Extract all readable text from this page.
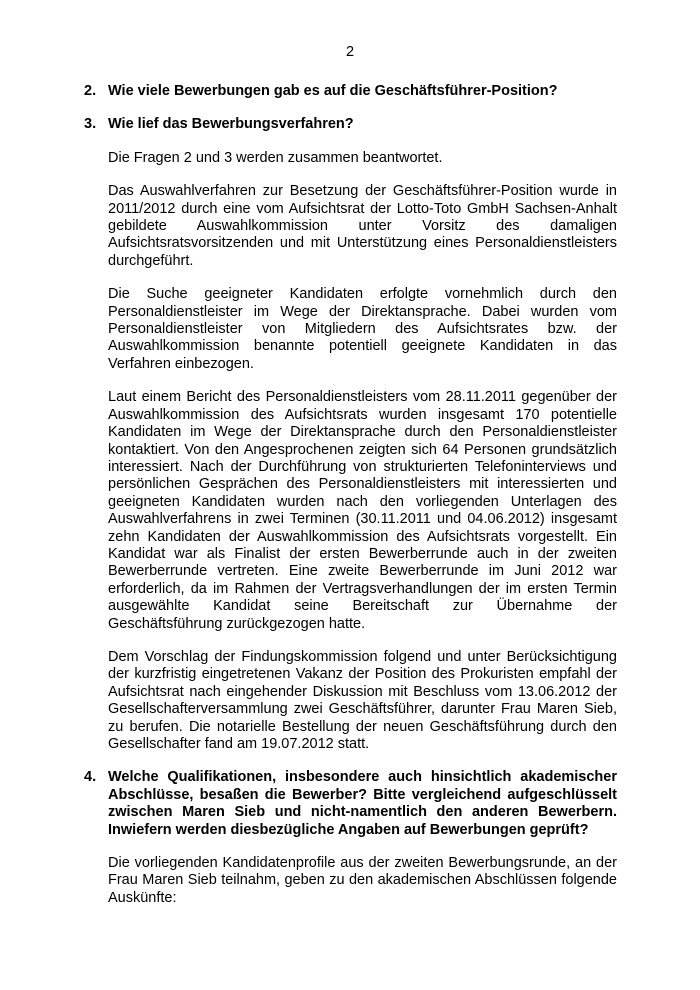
2
2. Wie viele Bewerbungen gab es auf die Geschäftsführer-Position?
3. Wie lief das Bewerbungsverfahren?

Die Fragen 2 und 3 werden zusammen beantwortet.

Das Auswahlverfahren zur Besetzung der Geschäftsführer-Position wurde in 2011/2012 durch eine vom Aufsichtsrat der Lotto-Toto GmbH Sachsen-Anhalt gebildete Auswahlkommission unter Vorsitz des damaligen Aufsichtsratsvorsitzenden und mit Unterstützung eines Personaldienstleisters durchgeführt.

Die Suche geeigneter Kandidaten erfolgte vornehmlich durch den Personaldienstleister im Wege der Direktansprache. Dabei wurden vom Personaldienstleister von Mitgliedern des Aufsichtsrates bzw. der Auswahlkommission benannte potentiell geeignete Kandidaten in das Verfahren einbezogen.

Laut einem Bericht des Personaldienstleisters vom 28.11.2011 gegenüber der Auswahlkommission des Aufsichtsrats wurden insgesamt 170 potentielle Kandidaten im Wege der Direktansprache durch den Personaldienstleister kontaktiert. Von den Angesprochenen zeigten sich 64 Personen grundsätzlich interessiert. Nach der Durchführung von strukturierten Telefoninterviews und persönlichen Gesprächen des Personaldienstleisters mit interessierten und geeigneten Kandidaten wurden nach den vorliegenden Unterlagen des Auswahlverfahrens in zwei Terminen (30.11.2011 und 04.06.2012) insgesamt zehn Kandidaten der Auswahlkommission des Aufsichtsrats vorgestellt. Ein Kandidat war als Finalist der ersten Bewerberrunde auch in der zweiten Bewerberrunde vertreten. Eine zweite Bewerberrunde im Juni 2012 war erforderlich, da im Rahmen der Vertragsverhandlungen der im ersten Termin ausgewählte Kandidat seine Bereitschaft zur Übernahme der Geschäftsführung zurückgezogen hatte.

Dem Vorschlag der Findungskommission folgend und unter Berücksichtigung der kurzfristig eingetretenen Vakanz der Position des Prokuristen empfahl der Aufsichtsrat nach eingehender Diskussion mit Beschluss vom 13.06.2012 der Gesellschafterversammlung zwei Geschäftsführer, darunter Frau Maren Sieb, zu berufen. Die notarielle Bestellung der neuen Geschäftsführung durch den Gesellschafter fand am 19.07.2012 statt.

4. Welche Qualifikationen, insbesondere auch hinsichtlich akademischer Abschlüsse, besaßen die Bewerber? Bitte vergleichend aufgeschlüsselt zwischen Maren Sieb und nicht-namentlich den anderen Bewerbern. Inwiefern werden diesbezügliche Angaben auf Bewerbungen geprüft?

Die vorliegenden Kandidatenprofile aus der zweiten Bewerbungsrunde, an der Frau Maren Sieb teilnahm, geben zu den akademischen Abschlüssen folgende Auskünfte:
